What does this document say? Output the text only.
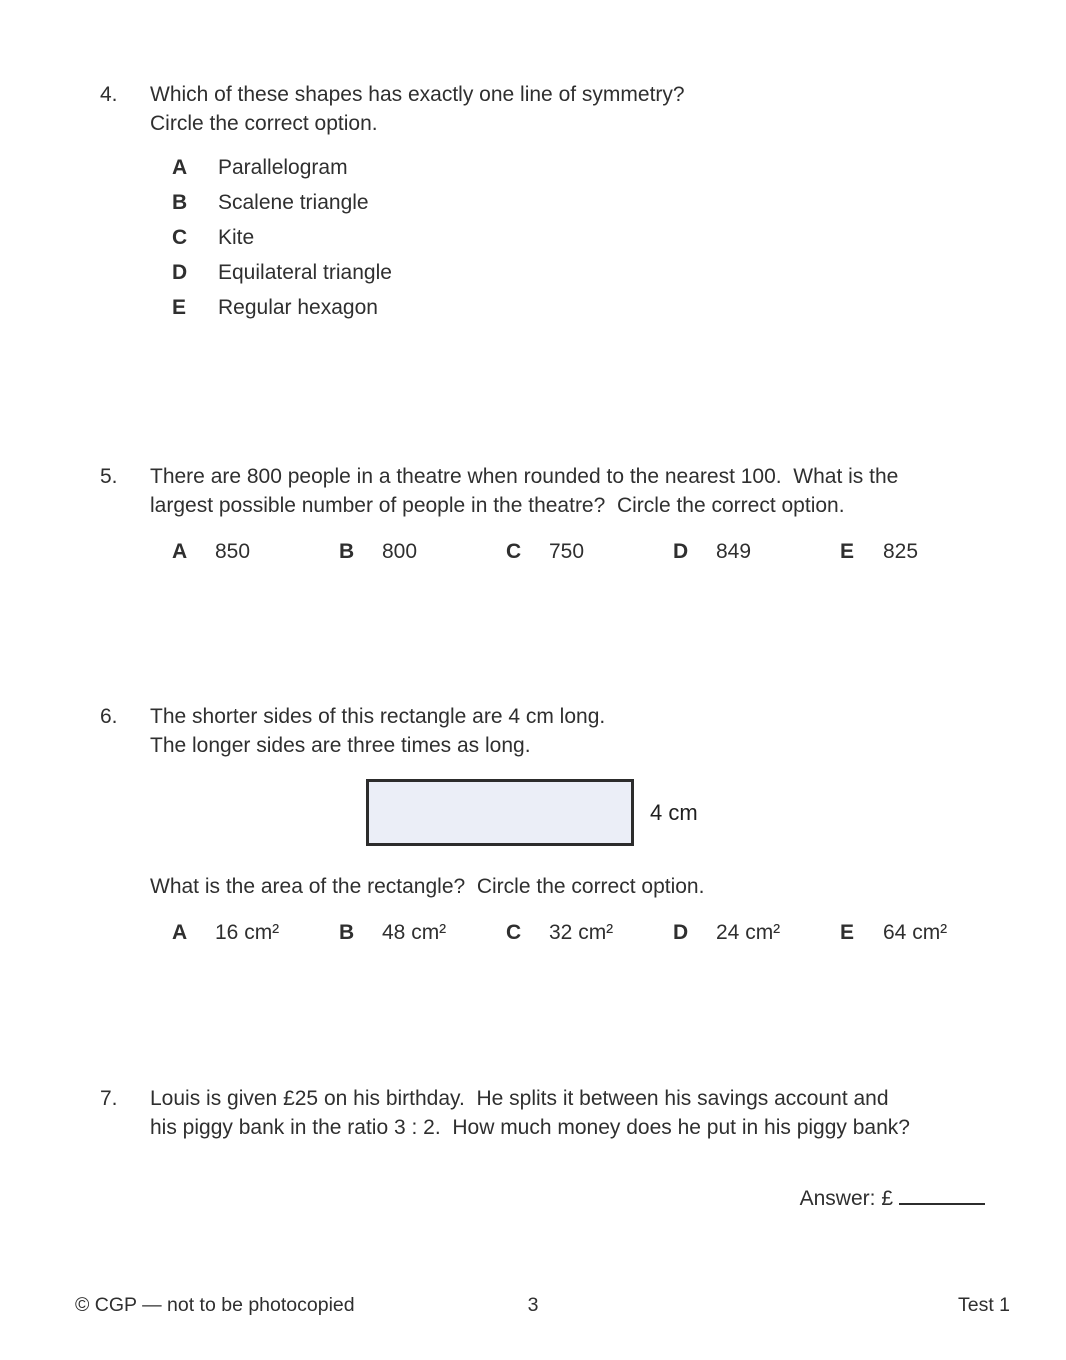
4.	Which of these shapes has exactly one line of symmetry?
Circle the correct option.
A	Parallelogram
B	Scalene triangle
C	Kite
D	Equilateral triangle
E	Regular hexagon
5.	There are 800 people in a theatre when rounded to the nearest 100.  What is the
largest possible number of people in the theatre?  Circle the correct option.
A	850	B	800	C	750	D	849	E	825
6.	The shorter sides of this rectangle are 4 cm long.
The longer sides are three times as long.
4 cm
What is the area of the rectangle?  Circle the correct option.
A	16 cm²	B	48 cm²	C	32 cm²	D	24 cm²	E	64 cm²
7.	Louis is given £25 on his birthday.  He splits it between his savings account and
his piggy bank in the ratio 3 : 2.  How much money does he put in his piggy bank?
Answer: £
© CGP — not to be photocopied	3	Test 1
